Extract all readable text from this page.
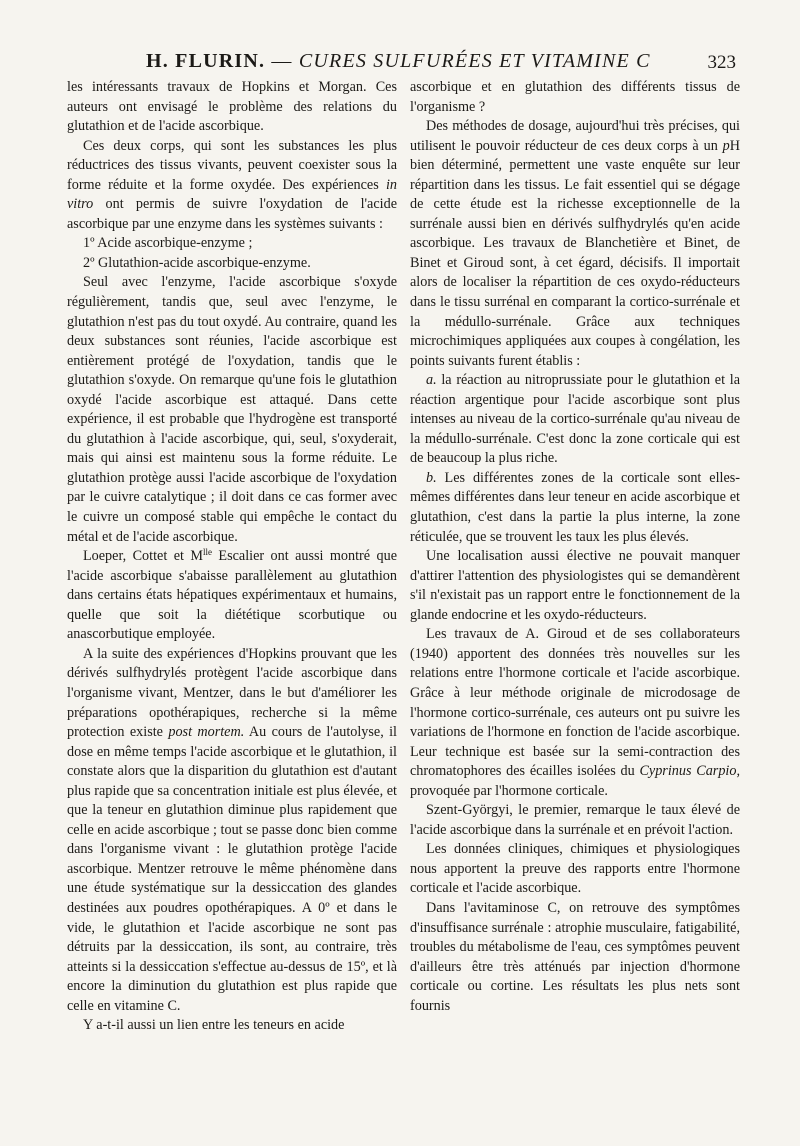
H. FLURIN. — CURES SULFURÉES ET VITAMINE C	323

les intéressants travaux de Hopkins et Morgan. Ces auteurs ont envisagé le problème des relations du glutathion et de l'acide ascorbique.

Ces deux corps, qui sont les substances les plus réductrices des tissus vivants, peuvent coexister sous la forme réduite et la forme oxydée. Des expériences in vitro ont permis de suivre l'oxydation de l'acide ascorbique par une enzyme dans les systèmes suivants :

1º Acide ascorbique-enzyme ;

2º Glutathion-acide ascorbique-enzyme.

Seul avec l'enzyme, l'acide ascorbique s'oxyde régulièrement, tandis que, seul avec l'enzyme, le glutathion n'est pas du tout oxydé. Au contraire, quand les deux substances sont réunies, l'acide ascorbique est entièrement protégé de l'oxydation, tandis que le glutathion s'oxyde. On remarque qu'une fois le glutathion oxydé l'acide ascorbique est attaqué. Dans cette expérience, il est probable que l'hydrogène est transporté du glutathion à l'acide ascorbique, qui, seul, s'oxyderait, mais qui ainsi est maintenu sous la forme réduite. Le glutathion protège aussi l'acide ascorbique de l'oxydation par le cuivre catalytique ; il doit dans ce cas former avec le cuivre un composé stable qui empêche le contact du métal et de l'acide ascorbique.

Loeper, Cottet et $M^{lle}$ Escalier ont aussi montré que l'acide ascorbique s'abaisse parallèlement au glutathion dans certains états hépatiques expérimentaux et humains, quelle que soit la diététique scorbutique ou anascorbutique employée.

A la suite des expériences d'Hopkins prouvant que les dérivés sulfhydrylés protègent l'acide ascorbique dans l'organisme vivant, Mentzer, dans le but d'améliorer les préparations opothérapiques, recherche si la même protection existe post mortem. Au cours de l'autolyse, il dose en même temps l'acide ascorbique et le glutathion, il constate alors que la disparition du glutathion est d'autant plus rapide que sa concentration initiale est plus élevée, et que la teneur en glutathion diminue plus rapidement que celle en acide ascorbique ; tout se passe donc bien comme dans l'organisme vivant : le glutathion protège l'acide ascorbique. Mentzer retrouve le même phénomène dans une étude systématique sur la dessiccation des glandes destinées aux poudres opothérapiques. A 0º et dans le vide, le glutathion et l'acide ascorbique ne sont pas détruits par la dessiccation, ils sont, au contraire, très atteints si la dessiccation s'effectue au-dessus de 15º, et là encore la diminution du glutathion est plus rapide que celle en vitamine C.

Y a-t-il aussi un lien entre les teneurs en acide

ascorbique et en glutathion des différents tissus de l'organisme ?

Des méthodes de dosage, aujourd'hui très précises, qui utilisent le pouvoir réducteur de ces deux corps à un pH bien déterminé, permettent une vaste enquête sur leur répartition dans les tissus. Le fait essentiel qui se dégage de cette étude est la richesse exceptionnelle de la surrénale aussi bien en dérivés sulfhydrylés qu'en acide ascorbique. Les travaux de Blanchetière et Binet, de Binet et Giroud sont, à cet égard, décisifs. Il importait alors de localiser la répartition de ces oxydo-réducteurs dans le tissu surrénal en comparant la cortico-surrénale et la médullo-surrénale. Grâce aux techniques microchimiques appliquées aux coupes à congélation, les points suivants furent établis :

a. la réaction au nitroprussiate pour le glutathion et la réaction argentique pour l'acide ascorbique sont plus intenses au niveau de la cortico-surrénale qu'au niveau de la médullo-surrénale. C'est donc la zone corticale qui est de beaucoup la plus riche.

b. Les différentes zones de la corticale sont elles-mêmes différentes dans leur teneur en acide ascorbique et glutathion, c'est dans la partie la plus interne, la zone réticulée, que se trouvent les taux les plus élevés.

Une localisation aussi élective ne pouvait manquer d'attirer l'attention des physiologistes qui se demandèrent s'il n'existait pas un rapport entre le fonctionnement de la glande endocrine et les oxydo-réducteurs.

Les travaux de A. Giroud et de ses collaborateurs (1940) apportent des données très nouvelles sur les relations entre l'hormone corticale et l'acide ascorbique. Grâce à leur méthode originale de microdosage de l'hormone cortico-surrénale, ces auteurs ont pu suivre les variations de l'hormone en fonction de l'acide ascorbique. Leur technique est basée sur la semi-contraction des chromatophores des écailles isolées du Cyprinus Carpio, provoquée par l'hormone corticale.

Szent-Györgyi, le premier, remarque le taux élevé de l'acide ascorbique dans la surrénale et en prévoit l'action.

Les données cliniques, chimiques et physiologiques nous apportent la preuve des rapports entre l'hormone corticale et l'acide ascorbique.

Dans l'avitaminose C, on retrouve des symptômes d'insuffisance surrénale : atrophie musculaire, fatigabilité, troubles du métabolisme de l'eau, ces symptômes peuvent d'ailleurs être très atténués par injection d'hormone corticale ou cortine. Les résultats les plus nets sont fournis
